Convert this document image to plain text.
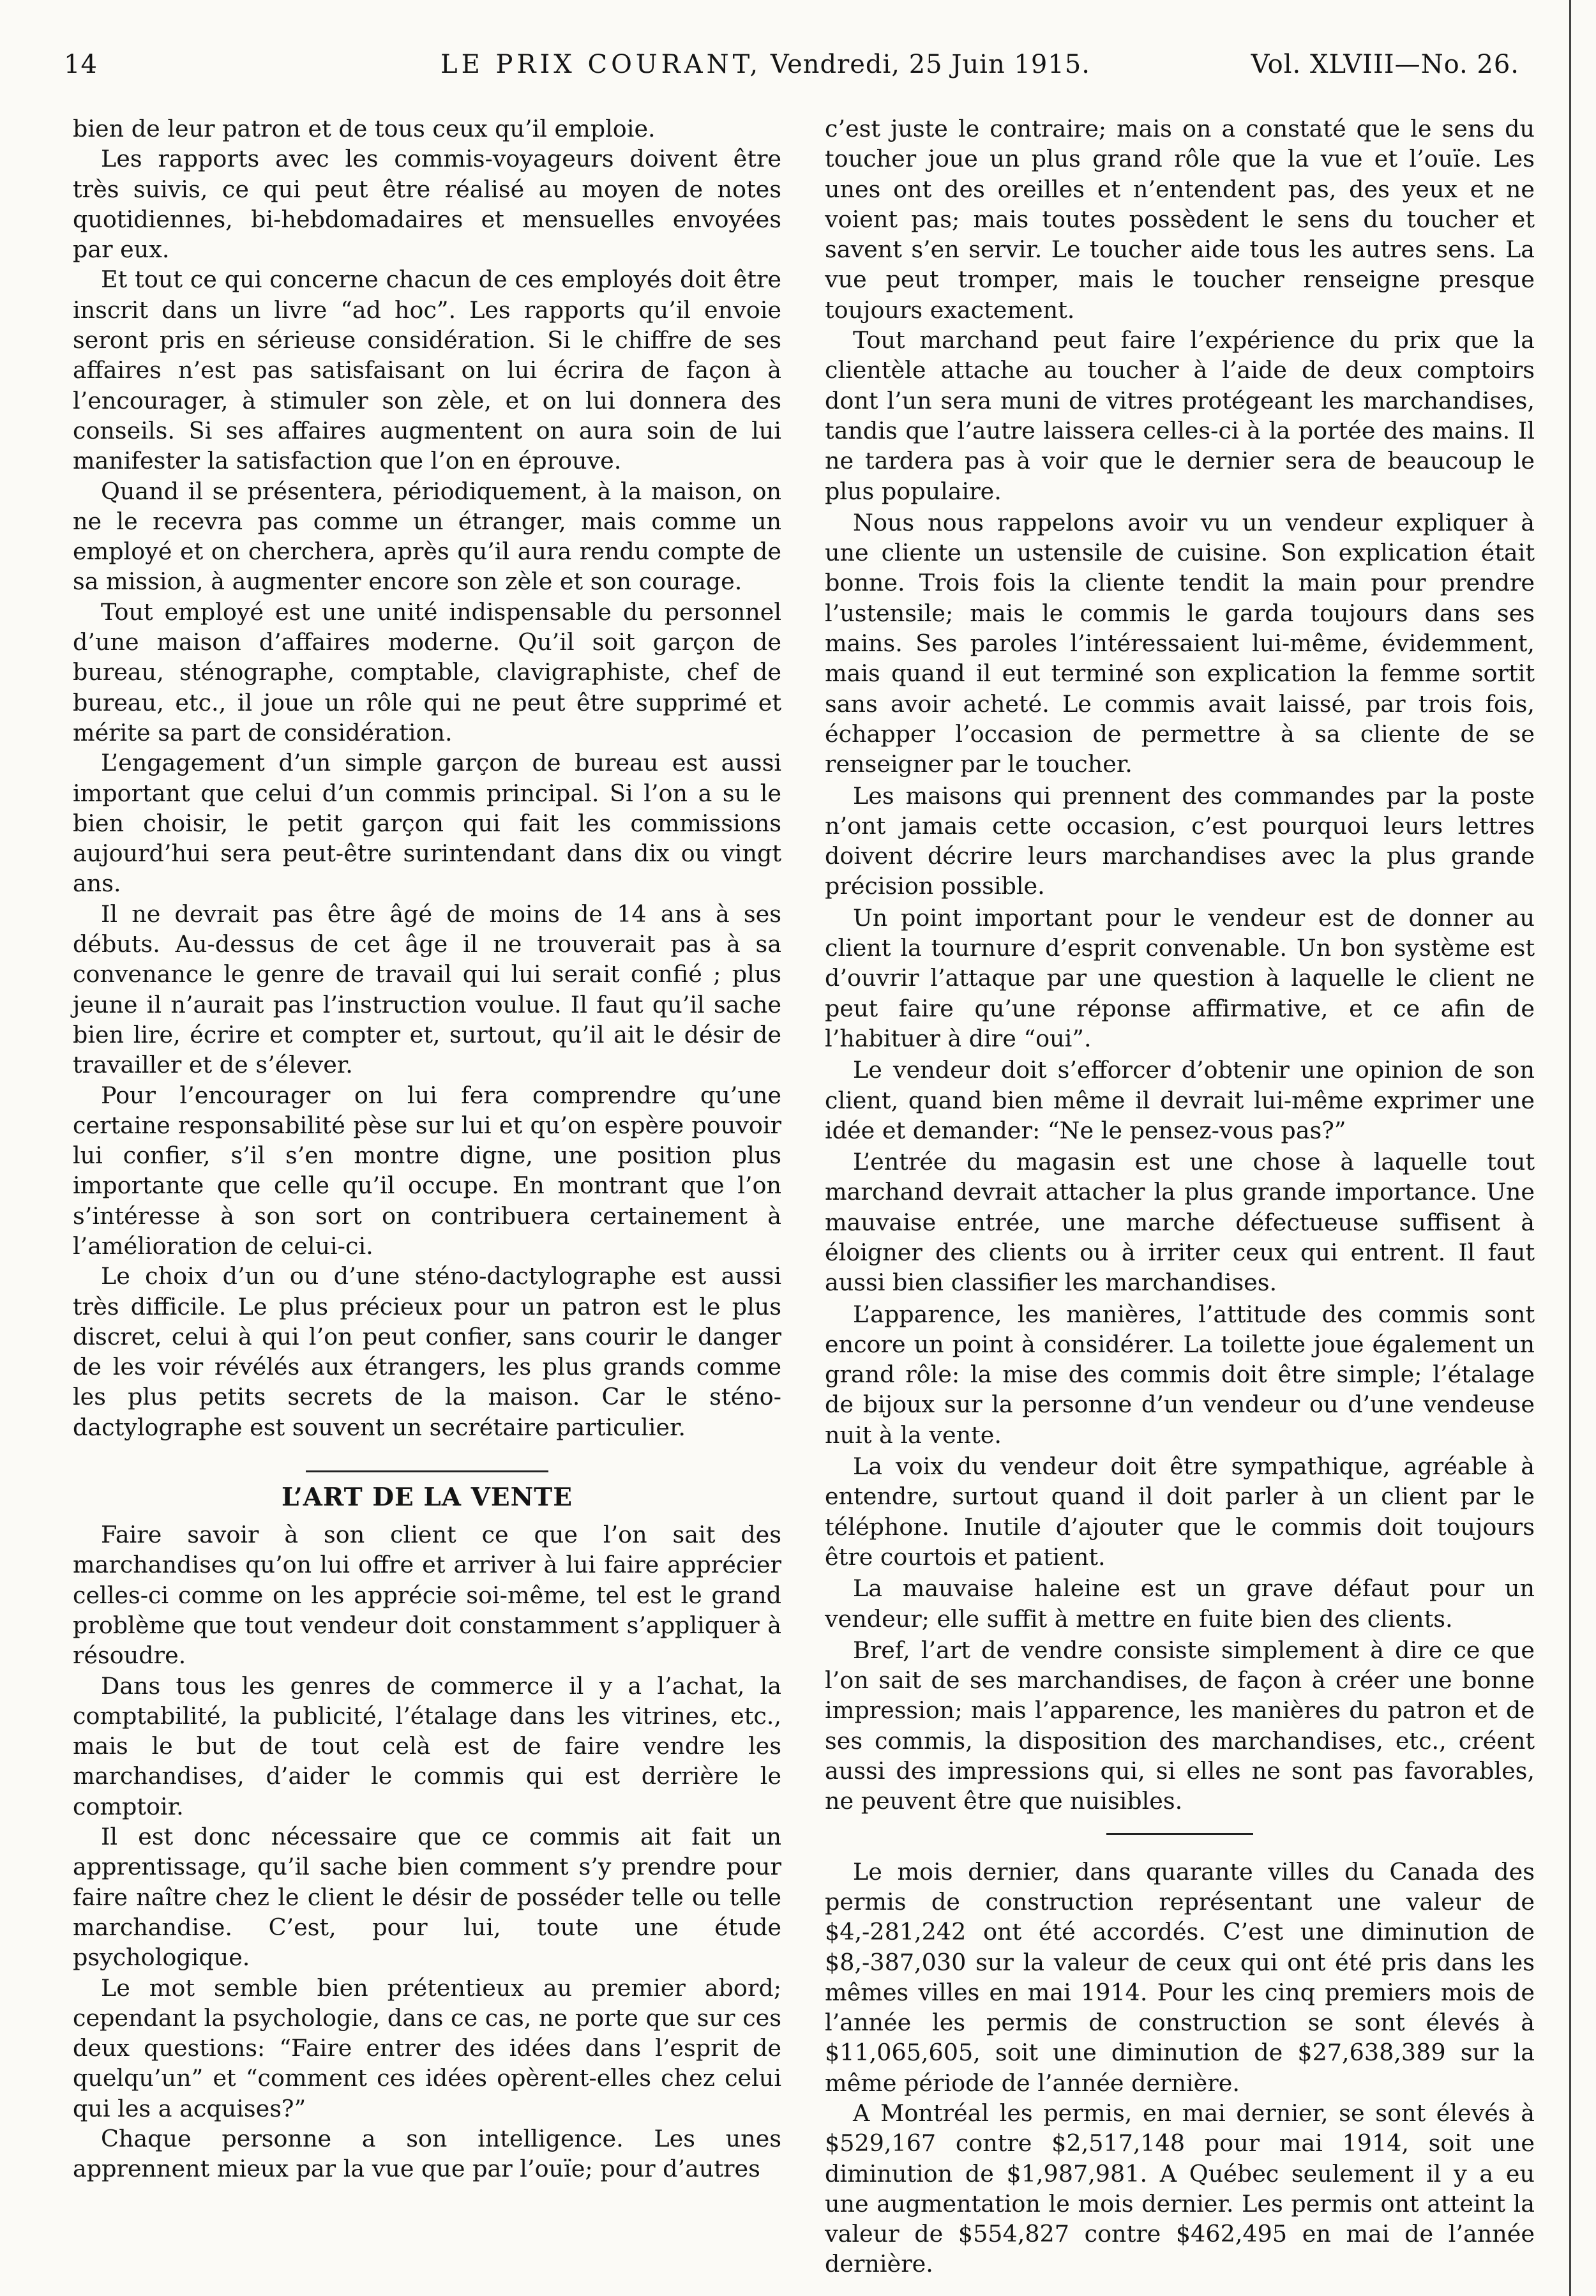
14	LE PRIX COURANT, Vendredi, 25 Juin 1915.	Vol. XLVIII—No. 26.

bien de leur patron et de tous ceux qu’il emploie.

Les rapports avec les commis-voyageurs doivent être très suivis, ce qui peut être réalisé au moyen de notes quotidiennes, bi-hebdomadaires et mensuelles envoyées par eux.

Et tout ce qui concerne chacun de ces employés doit être inscrit dans un livre “ad hoc”. Les rapports qu’il envoie seront pris en sérieuse considération. Si le chiffre de ses affaires n’est pas satisfaisant on lui écrira de façon à l’encourager, à stimuler son zèle, et on lui donnera des conseils. Si ses affaires augmentent on aura soin de lui manifester la satisfaction que l’on en éprouve.

Quand il se présentera, périodiquement, à la maison, on ne le recevra pas comme un étranger, mais comme un employé et on cherchera, après qu’il aura rendu compte de sa mission, à augmenter encore son zèle et son courage.

Tout employé est une unité indispensable du personnel d’une maison d’affaires moderne. Qu’il soit garçon de bureau, sténographe, comptable, clavigraphiste, chef de bureau, etc., il joue un rôle qui ne peut être supprimé et mérite sa part de considération.

L’engagement d’un simple garçon de bureau est aussi important que celui d’un commis principal. Si l’on a su le bien choisir, le petit garçon qui fait les commissions aujourd’hui sera peut-être surintendant dans dix ou vingt ans.

Il ne devrait pas être âgé de moins de 14 ans à ses débuts. Au-dessus de cet âge il ne trouverait pas à sa convenance le genre de travail qui lui serait confié ; plus jeune il n’aurait pas l’instruction voulue. Il faut qu’il sache bien lire, écrire et compter et, surtout, qu’il ait le désir de travailler et de s’élever.

Pour l’encourager on lui fera comprendre qu’une certaine responsabilité pèse sur lui et qu’on espère pouvoir lui confier, s’il s’en montre digne, une position plus importante que celle qu’il occupe. En montrant que l’on s’intéresse à son sort on contribuera certainement à l’amélioration de celui-ci.

Le choix d’un ou d’une sténo-dactylographe est aussi très difficile. Le plus précieux pour un patron est le plus discret, celui à qui l’on peut confier, sans courir le danger de les voir révélés aux étrangers, les plus grands comme les plus petits secrets de la maison. Car le sténo-dactylographe est souvent un secrétaire particulier.

L’ART DE LA VENTE

Faire savoir à son client ce que l’on sait des marchandises qu’on lui offre et arriver à lui faire apprécier celles-ci comme on les apprécie soi-même, tel est le grand problème que tout vendeur doit constamment s’appliquer à résoudre.

Dans tous les genres de commerce il y a l’achat, la comptabilité, la publicité, l’étalage dans les vitrines, etc., mais le but de tout celà est de faire vendre les marchandises, d’aider le commis qui est derrière le comptoir.

Il est donc nécessaire que ce commis ait fait un apprentissage, qu’il sache bien comment s’y prendre pour faire naître chez le client le désir de posséder telle ou telle marchandise. C’est, pour lui, toute une étude psychologique.

Le mot semble bien prétentieux au premier abord; cependant la psychologie, dans ce cas, ne porte que sur ces deux questions: “Faire entrer des idées dans l’esprit de quelqu’un” et “comment ces idées opèrent-elles chez celui qui les a acquises?”

Chaque personne a son intelligence. Les unes apprennent mieux par la vue que par l’ouïe; pour d’autres

c’est juste le contraire; mais on a constaté que le sens du toucher joue un plus grand rôle que la vue et l’ouïe. Les unes ont des oreilles et n’entendent pas, des yeux et ne voient pas; mais toutes possèdent le sens du toucher et savent s’en servir. Le toucher aide tous les autres sens. La vue peut tromper, mais le toucher renseigne presque toujours exactement.

Tout marchand peut faire l’expérience du prix que la clientèle attache au toucher à l’aide de deux comptoirs dont l’un sera muni de vitres protégeant les marchandises, tandis que l’autre laissera celles-ci à la portée des mains. Il ne tardera pas à voir que le dernier sera de beaucoup le plus populaire.

Nous nous rappelons avoir vu un vendeur expliquer à une cliente un ustensile de cuisine. Son explication était bonne. Trois fois la cliente tendit la main pour prendre l’ustensile; mais le commis le garda toujours dans ses mains. Ses paroles l’intéressaient lui-même, évidemment, mais quand il eut terminé son explication la femme sortit sans avoir acheté. Le commis avait laissé, par trois fois, échapper l’occasion de permettre à sa cliente de se renseigner par le toucher.

Les maisons qui prennent des commandes par la poste n’ont jamais cette occasion, c’est pourquoi leurs lettres doivent décrire leurs marchandises avec la plus grande précision possible.

Un point important pour le vendeur est de donner au client la tournure d’esprit convenable. Un bon système est d’ouvrir l’attaque par une question à laquelle le client ne peut faire qu’une réponse affirmative, et ce afin de l’habituer à dire “oui”.

Le vendeur doit s’efforcer d’obtenir une opinion de son client, quand bien même il devrait lui-même exprimer une idée et demander: “Ne le pensez-vous pas?”

L’entrée du magasin est une chose à laquelle tout marchand devrait attacher la plus grande importance. Une mauvaise entrée, une marche défectueuse suffisent à éloigner des clients ou à irriter ceux qui entrent. Il faut aussi bien classifier les marchandises.

L’apparence, les manières, l’attitude des commis sont encore un point à considérer. La toilette joue également un grand rôle: la mise des commis doit être simple; l’étalage de bijoux sur la personne d’un vendeur ou d’une vendeuse nuit à la vente.

La voix du vendeur doit être sympathique, agréable à entendre, surtout quand il doit parler à un client par le téléphone. Inutile d’ajouter que le commis doit toujours être courtois et patient.

La mauvaise haleine est un grave défaut pour un vendeur; elle suffit à mettre en fuite bien des clients.

Bref, l’art de vendre consiste simplement à dire ce que l’on sait de ses marchandises, de façon à créer une bonne impression; mais l’apparence, les manières du patron et de ses commis, la disposition des marchandises, etc., créent aussi des impressions qui, si elles ne sont pas favorables, ne peuvent être que nuisibles.

Le mois dernier, dans quarante villes du Canada des permis de construction représentant une valeur de $4,-281,242 ont été accordés. C’est une diminution de $8,-387,030 sur la valeur de ceux qui ont été pris dans les mêmes villes en mai 1914. Pour les cinq premiers mois de l’année les permis de construction se sont élevés à $11,065,605, soit une diminution de $27,638,389 sur la même période de l’année dernière.

A Montréal les permis, en mai dernier, se sont élevés à $529,167 contre $2,517,148 pour mai 1914, soit une diminution de $1,987,981. A Québec seulement il y a eu une augmentation le mois dernier. Les permis ont atteint la valeur de $554,827 contre $462,495 en mai de l’année dernière.
